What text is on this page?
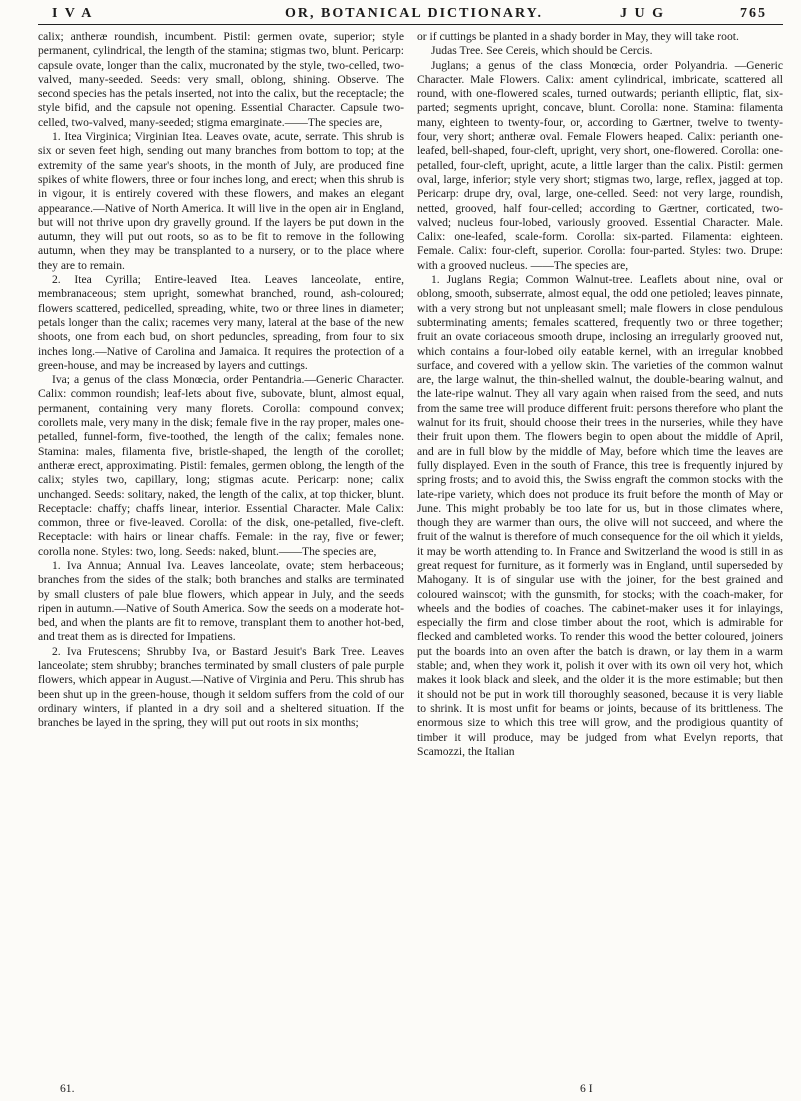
I V A	OR, BOTANICAL DICTIONARY.	J U G	765

calix; antheræ roundish, incumbent. Pistil: germen ovate, superior; style permanent, cylindrical, the length of the stamina; stigmas two, blunt. Pericarp: capsule ovate, longer than the calix, mucronated by the style, two-celled, two-valved, many-seeded. Seeds: very small, oblong, shining. Observe. The second species has the petals inserted, not into the calix, but the receptacle; the style bifid, and the capsule not opening. Essential Character. Capsule two-celled, two-valved, many-seeded; stigma emarginate.——The species are,

1. Itea Virginica; Virginian Itea. Leaves ovate, acute, serrate. This shrub is six or seven feet high, sending out many branches from bottom to top; at the extremity of the same year's shoots, in the month of July, are produced fine spikes of white flowers, three or four inches long, and erect; when this shrub is in vigour, it is entirely covered with these flowers, and makes an elegant appearance.—Native of North America. It will live in the open air in England, but will not thrive upon dry gravelly ground. If the layers be put down in the autumn, they will put out roots, so as to be fit to remove in the following autumn, when they may be transplanted to a nursery, or to the place where they are to remain.

2. Itea Cyrilla; Entire-leaved Itea. Leaves lanceolate, entire, membranaceous; stem upright, somewhat branched, round, ash-coloured; flowers scattered, pedicelled, spreading, white, two or three lines in diameter; petals longer than the calix; racemes very many, lateral at the base of the new shoots, one from each bud, on short peduncles, spreading, from four to six inches long.—Native of Carolina and Jamaica. It requires the protection of a green-house, and may be increased by layers and cuttings.

Iva; a genus of the class Monœcia, order Pentandria.—Generic Character. Calix: common roundish; leaf-lets about five, subovate, blunt, almost equal, permanent, containing very many florets. Corolla: compound convex; corollets male, very many in the disk; female five in the ray proper, males one-petalled, funnel-form, five-toothed, the length of the calix; females none. Stamina: males, filamenta five, bristle-shaped, the length of the corollet; antheræ erect, approximating. Pistil: females, germen oblong, the length of the calix; styles two, capillary, long; stigmas acute. Pericarp: none; calix unchanged. Seeds: solitary, naked, the length of the calix, at top thicker, blunt. Receptacle: chaffy; chaffs linear, interior. Essential Character. Male Calix: common, three or five-leaved. Corolla: of the disk, one-petalled, five-cleft. Receptacle: with hairs or linear chaffs. Female: in the ray, five or fewer; corolla none. Styles: two, long. Seeds: naked, blunt.——The species are,

1. Iva Annua; Annual Iva. Leaves lanceolate, ovate; stem herbaceous; branches from the sides of the stalk; both branches and stalks are terminated by small clusters of pale blue flowers, which appear in July, and the seeds ripen in autumn.—Native of South America. Sow the seeds on a moderate hot-bed, and when the plants are fit to remove, transplant them to another hot-bed, and treat them as is directed for Impatiens.

2. Iva Frutescens; Shrubby Iva, or Bastard Jesuit's Bark Tree. Leaves lanceolate; stem shrubby; branches terminated by small clusters of pale purple flowers, which appear in August.—Native of Virginia and Peru. This shrub has been shut up in the green-house, though it seldom suffers from the cold of our ordinary winters, if planted in a dry soil and a sheltered situation. If the branches be layed in the spring, they will put out roots in six months;

or if cuttings be planted in a shady border in May, they will take root.

Judas Tree. See Cereis, which should be Cercis.

Juglans; a genus of the class Monœcia, order Polyandria. —Generic Character. Male Flowers. Calix: ament cylindrical, imbricate, scattered all round, with one-flowered scales, turned outwards; perianth elliptic, flat, six-parted; segments upright, concave, blunt. Corolla: none. Stamina: filamenta many, eighteen to twenty-four, or, according to Gærtner, twelve to twenty-four, very short; antheræ oval. Female Flowers heaped. Calix: perianth one-leafed, bell-shaped, four-cleft, upright, very short, one-flowered. Corolla: one-petalled, four-cleft, upright, acute, a little larger than the calix. Pistil: germen oval, large, inferior; style very short; stigmas two, large, reflex, jagged at top. Pericarp: drupe dry, oval, large, one-celled. Seed: not very large, roundish, netted, grooved, half four-celled; according to Gærtner, corticated, two-valved; nucleus four-lobed, variously grooved. Essential Character. Male. Calix: one-leafed, scale-form. Corolla: six-parted. Filamenta: eighteen. Female. Calix: four-cleft, superior. Corolla: four-parted. Styles: two. Drupe: with a grooved nucleus. ——The species are,

1. Juglans Regia; Common Walnut-tree. Leaflets about nine, oval or oblong, smooth, subserrate, almost equal, the odd one petioled; leaves pinnate, with a very strong but not unpleasant smell; male flowers in close pendulous subterminating aments; females scattered, frequently two or three together; fruit an ovate coriaceous smooth drupe, inclosing an irregularly grooved nut, which contains a four-lobed oily eatable kernel, with an irregular knobbed surface, and covered with a yellow skin. The varieties of the common walnut are, the large walnut, the thin-shelled walnut, the double-bearing walnut, and the late-ripe walnut. They all vary again when raised from the seed, and nuts from the same tree will produce different fruit: persons therefore who plant the walnut for its fruit, should choose their trees in the nurseries, while they have their fruit upon them. The flowers begin to open about the middle of April, and are in full blow by the middle of May, before which time the leaves are fully displayed. Even in the south of France, this tree is frequently injured by spring frosts; and to avoid this, the Swiss engraft the common stocks with the late-ripe variety, which does not produce its fruit before the month of May or June. This might probably be too late for us, but in those climates where, though they are warmer than ours, the olive will not succeed, and where the fruit of the walnut is therefore of much consequence for the oil which it yields, it may be worth attending to. In France and Switzerland the wood is still in as great request for furniture, as it formerly was in England, until superseded by Mahogany. It is of singular use with the joiner, for the best grained and coloured wainscot; with the gunsmith, for stocks; with the coach-maker, for wheels and the bodies of coaches. The cabinet-maker uses it for inlayings, especially the firm and close timber about the root, which is admirable for flecked and cambleted works. To render this wood the better coloured, joiners put the boards into an oven after the batch is drawn, or lay them in a warm stable; and, when they work it, polish it over with its own oil very hot, which makes it look black and sleek, and the older it is the more estimable; but then it should not be put in work till thoroughly seasoned, because it is very liable to shrink. It is most unfit for beams or joints, because of its brittleness. The enormous size to which this tree will grow, and the prodigious quantity of timber it will produce, may be judged from what Evelyn reports, that Scamozzi, the Italian

61.	6 I
